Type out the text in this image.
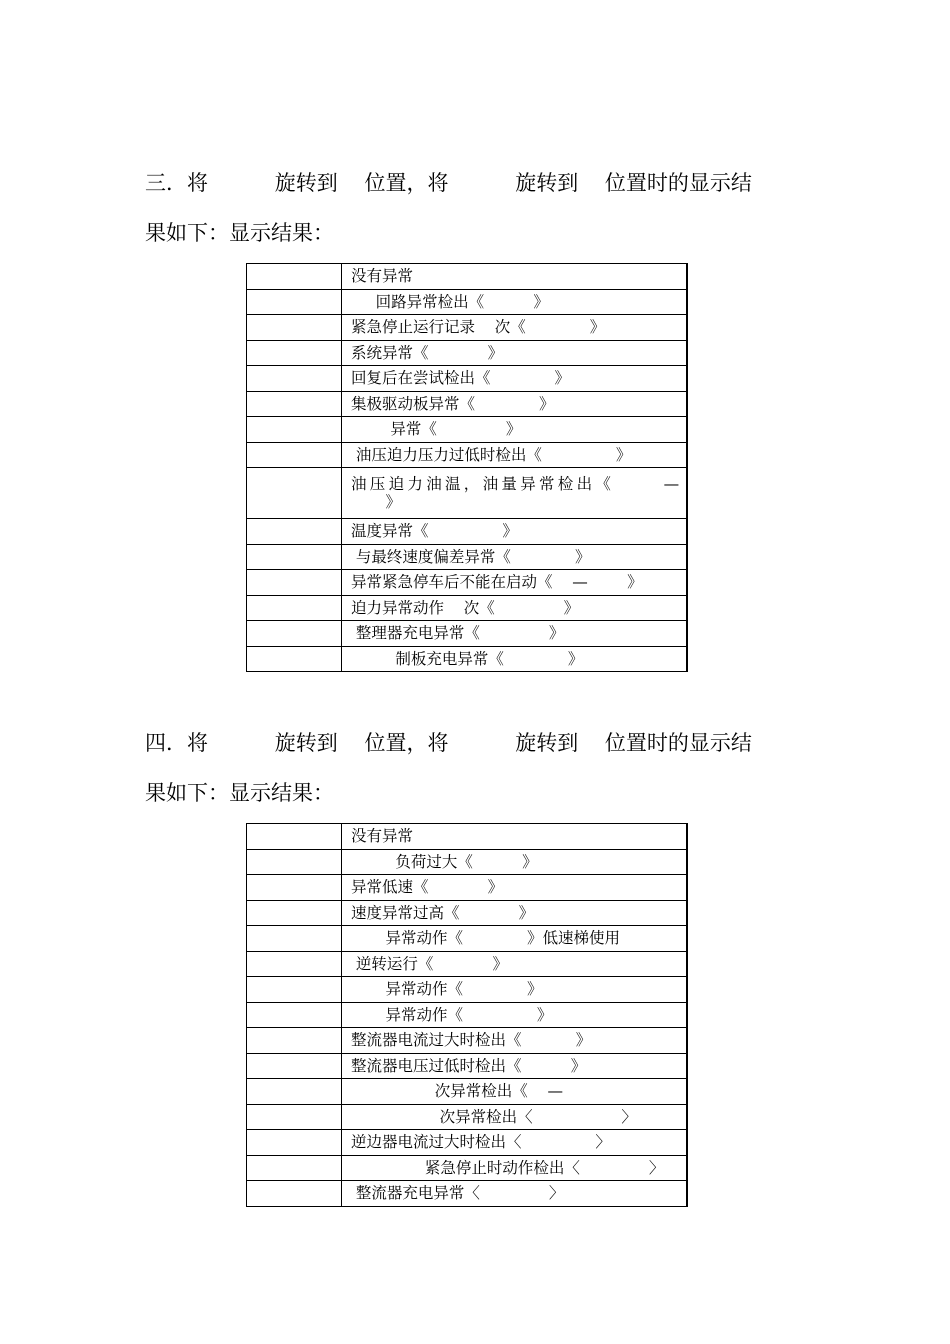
三．将          旋转到    位置，将          旋转到    位置时的显示结
果如下：显示结果：
	没有异常
	回路异常检出《          》
	紧急停止运行记录    次《             》
	系统异常《            》
	回复后在尝试检出《             》
	集极驱动板异常《             》
	异常《              》
	油压迫力压力过低时检出《               》

	油压迫力油温，油量异常检出《      —
》

	温度异常《               》
	与最终速度偏差异常《             》
	异常紧急停车后不能在启动《    —        》
	迫力异常动作    次《              》
	整理器充电异常《              》
	制板充电异常《             》
四．将          旋转到    位置，将          旋转到    位置时的显示结
果如下：显示结果：
	没有异常
	负荷过大《          》
	异常低速《            》
	速度异常过高《            》
	异常动作《             》低速梯使用
	逆转运行《            》
	异常动作《             》
	异常动作《               》
	整流器电流过大时检出《           》
	整流器电压过低时检出《          》
	次异常检出《    —
	次异常检出〈                  〉
	逆边器电流过大时检出〈               〉
	紧急停止时动作检出〈              〉
	整流器充电异常〈              〉
